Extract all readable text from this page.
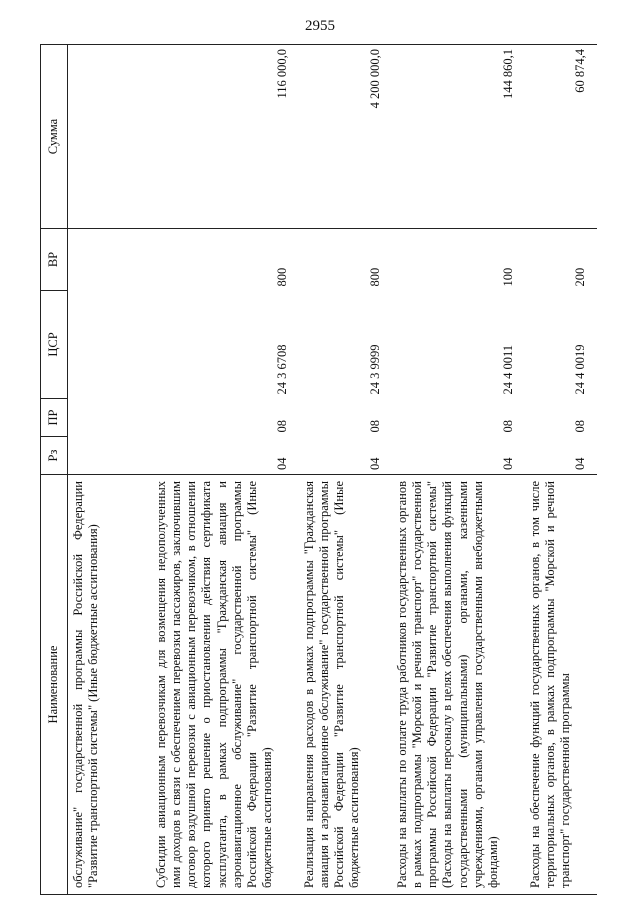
2955
Наименование	Рз	ПР	ЦСР	ВР	Сумма
обслуживание" государственной программы Российской Федерации "Развитие транспортной системы" (Иные бюджетные ассигнования)					
Субсидии авиационным перевозчикам для возмещения недополученных ими доходов в связи с обеспечением перевозки пассажиров, заключившим договор воздушной перевозки с авиационным перевозчиком, в отношении которого принято решение о приостановлении действия сертификата эксплуатанта, в рамках подпрограммы "Гражданская авиация и аэронавигационное обслуживание" государственной программы Российской Федерации "Развитие транспортной системы" (Иные бюджетные ассигнования)	04	08	24 3 6708	800	116 000,0
Реализация направления расходов в рамках подпрограммы "Гражданская авиация и аэронавигационное обслуживание" государственной программы Российской Федерации "Развитие транспортной системы" (Иные бюджетные ассигнования)	04	08	24 3 9999	800	4 200 000,0
Расходы на выплаты по оплате труда работников государственных органов в рамках подпрограммы "Морской и речной транспорт" государственной программы Российской Федерации "Развитие транспортной системы" (Расходы на выплаты персоналу в целях обеспечения выполнения функций государственными (муниципальными) органами, казенными учреждениями, органами управления государственными внебюджетными фондами)	04	08	24 4 0011	100	144 860,1
Расходы на обеспечение функций государственных органов, в том числе территориальных органов, в рамках подпрограммы "Морской и речной транспорт" государственной программы	04	08	24 4 0019	200	60 874,4
